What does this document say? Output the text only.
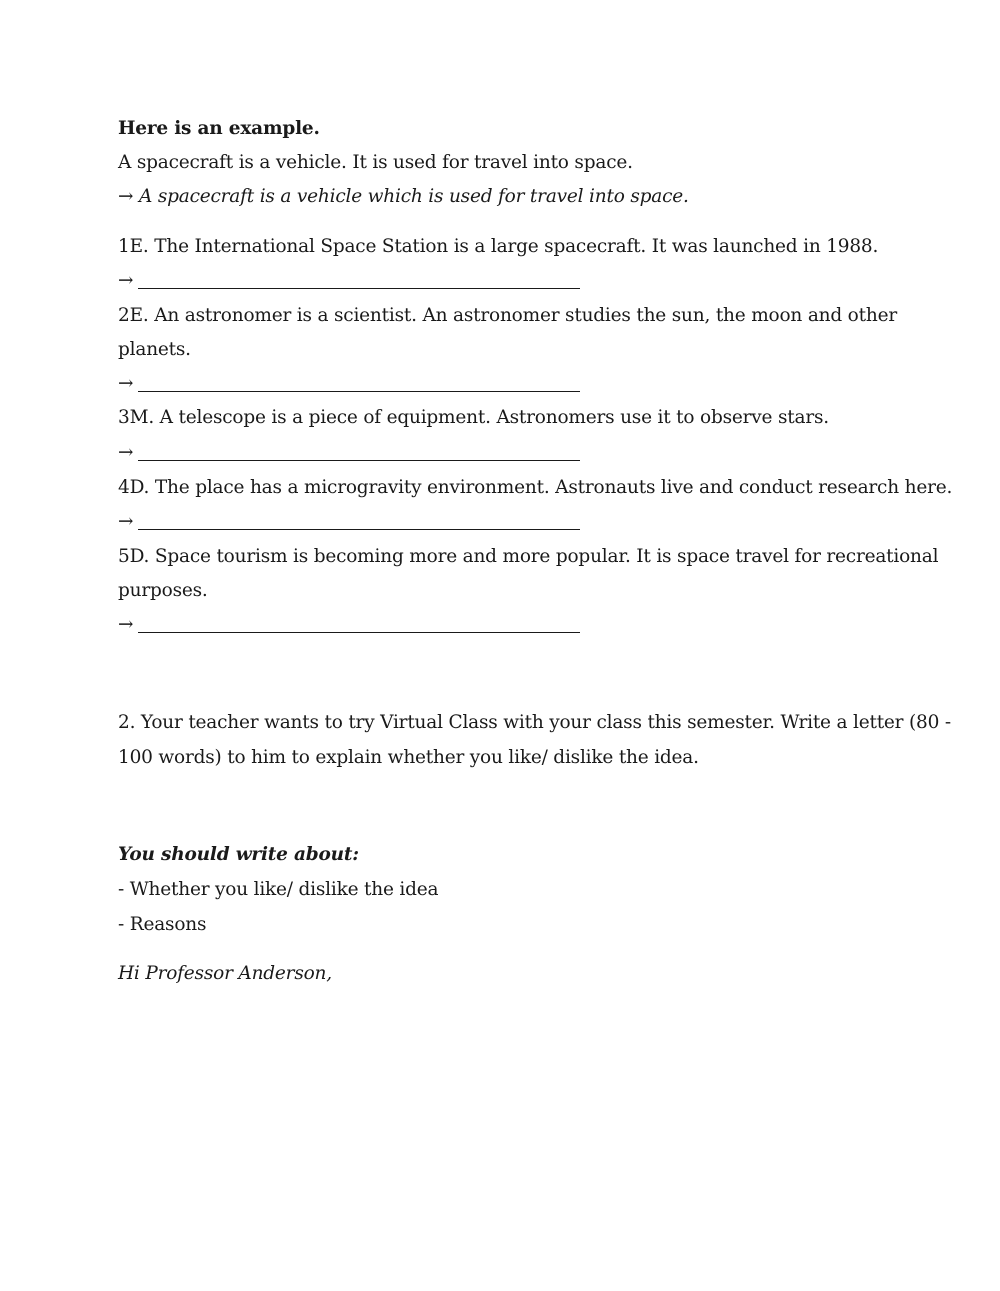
Here is an example.
A spacecraft is a vehicle. It is used for travel into space.
→ A spacecraft is a vehicle which is used for travel into space.
1E. The International Space Station is a large spacecraft. It was launched in 1988.
→
2E. An astronomer is a scientist. An astronomer studies the sun, the moon and other
planets.
→
3M. A telescope is a piece of equipment. Astronomers use it to observe stars.
→
4D. The place has a microgravity environment. Astronauts live and conduct research here.
→
5D. Space tourism is becoming more and more popular. It is space travel for recreational
purposes.
→
2. Your teacher wants to try Virtual Class with your class this semester. Write a letter (80 -
100 words) to him to explain whether you like/ dislike the idea.
You should write about:
- Whether you like/ dislike the idea
- Reasons
Hi Professor Anderson,
